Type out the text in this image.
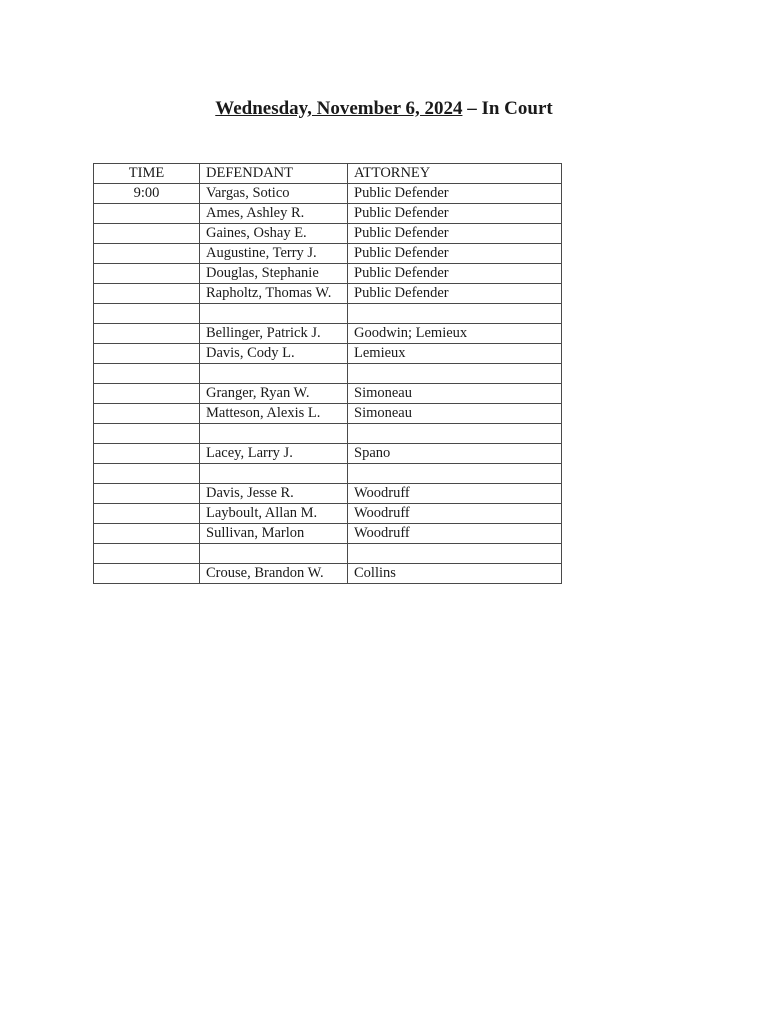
Wednesday, November 6, 2024 – In Court
TIME	DEFENDANT	ATTORNEY
9:00	Vargas, Sotico	Public Defender
	Ames, Ashley R.	Public Defender
	Gaines, Oshay E.	Public Defender
	Augustine, Terry J.	Public Defender
	Douglas, Stephanie	Public Defender
	Rapholtz, Thomas W.	Public Defender

	Bellinger, Patrick J.	Goodwin; Lemieux
	Davis, Cody L.	Lemieux

	Granger, Ryan W.	Simoneau
	Matteson, Alexis L.	Simoneau

	Lacey, Larry J.	Spano

	Davis, Jesse R.	Woodruff
	Layboult, Allan M.	Woodruff
	Sullivan, Marlon	Woodruff

	Crouse, Brandon W.	Collins
